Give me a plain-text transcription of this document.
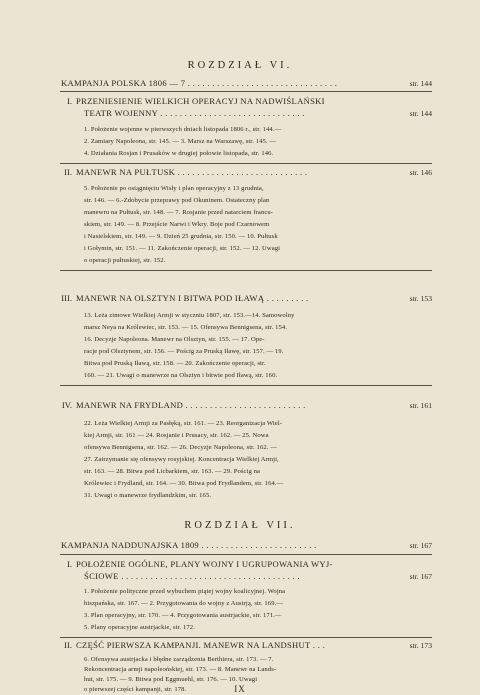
ROZDZIAŁ VI.
KAMPANJA POLSKA 1806 — 7 . . . . . . . . . . . . . . . . . . . . . . . . . . . . . . .	str. 144
I. PRZENIESIENIE WIELKICH OPERACYJ NA NADWIŚLAŃSKI
TEATR WOJENNY . . . . . . . . . . . . . . . . . . . . . . . . . . . . . .	str. 144
1. Położenie wojenne w pierwszych dniach listopada 1806 r., str. 144.—
2. Zamiary Napoleona, str. 145. — 3. Marsz na Warszawę, str. 145. —
4. Działania Rosjan i Prusaków w drugiej połowie listopada, str. 146.
II. MANEWR NA PUŁTUSK . . . . . . . . . . . . . . . . . . . . . . . . . . .	str. 146
5. Położenie po osiągnięciu Wisły i plan operacyjny z 13 grudnia,
str. 146. — 6.-Zdobycie przeprawy pod Okuninem. Ostateczny plan
manewru na Pułtusk, str. 148. — 7. Rosjanie przed natarciem francu-
skiem, str. 149. — 8. Przejście Narwi i Wkry. Boje pod Czarnowem
i Nasielskiem, str. 149. — 9. Dzień 25 grudnia, str. 150. — 10. Pułtusk
i Gołymin, str. 151. — 11. Zakończenie operacji, str. 152. — 12. Uwagi
o operacji pułtuskiej, str. 152.
III. MANEWR NA OLSZTYN I BITWA POD IŁAWĄ . . . . . . . . .	str. 153
13. Leża zimowe Wielkiej Armji w styczniu 1807, str. 153.—14. Samowolny
marsz Neya na Królewiec, str. 153. — 15. Ofensywa Bennigsena, str. 154.
16. Decyzje Napoleona. Manewr na Olsztyn, str. 155. — 17. Ope-
racje pod Olsztynem, str. 156. — Pościg za Pruską Iławę, str. 157. — 19.
Bitwa pod Pruską Iławą, str. 158. — 20. Zakończenie operacji, str.
160. — 21. Uwagi o manewrze na Olsztyn i bitwie pod Iławą, str. 160.
IV. MANEWR NA FRYDLAND . . . . . . . . . . . . . . . . . . . . . . . . .	str. 161
22. Leża Wielkiej Armji za Pasłęką, str. 161. — 23. Reorganizacja Wiel-
kiej Armji, str. 161 — 24. Rosjanie i Prusacy, str. 162. — 25. Nowa
ofensywa Bennigsena, str. 162. — 26. Decyzje Napoleona, str. 162. —
27. Zatrzymanie się ofensywy rosyjskiej. Koncentracja Wielkiej Armji,
str. 163. — 28. Bitwa pod Licbarkiem, str. 163. — 29. Pościg na
Królewiec i Frydland, str. 164. — 30. Bitwa pod Frydlandem, str. 164.—
31. Uwagi o manewrze frydlandzkim, str. 165.
ROZDZIAŁ VII.
KAMPANJA NADDUNAJSKA 1809 . . . . . . . . . . . . . . . . . . . . . . . .	str. 167
I. POŁOŻENIE OGÓLNE, PLANY WOJNY I UGRUPOWANIA WYJ-
ŚCIOWE . . . . . . . . . . . . . . . . . . . . . . . . . . . . . . . . . . . . .	str. 167
1. Położenie polityczne przed wybuchem piątej wojny koalicyjnej. Wojna
hiszpańska, str. 167. — 2. Przygotowania do wojny z Austrją, str. 169.—
3. Plan operacyjny, str. 170. — 4. Przygotowania austrjackie, str. 171.—
5. Plany operacyjne austrjackie, str. 172.
II. CZĘŚĆ PIERWSZA KAMPANJI. MANEWR NA LANDSHUT . . .	str. 173
6. Ofensywa austrjacka i błędne zarządzenia Berthiera, str. 173. — 7.
Rekoncentracja armji napoleońskiej, str. 173. — 8. Manewr na Lands-
hut, str. 175. — 9. Bitwa pod Eggmuehl, str. 176. — 10. Uwagi
o pierwszej części kampanji, str. 178.	IX
